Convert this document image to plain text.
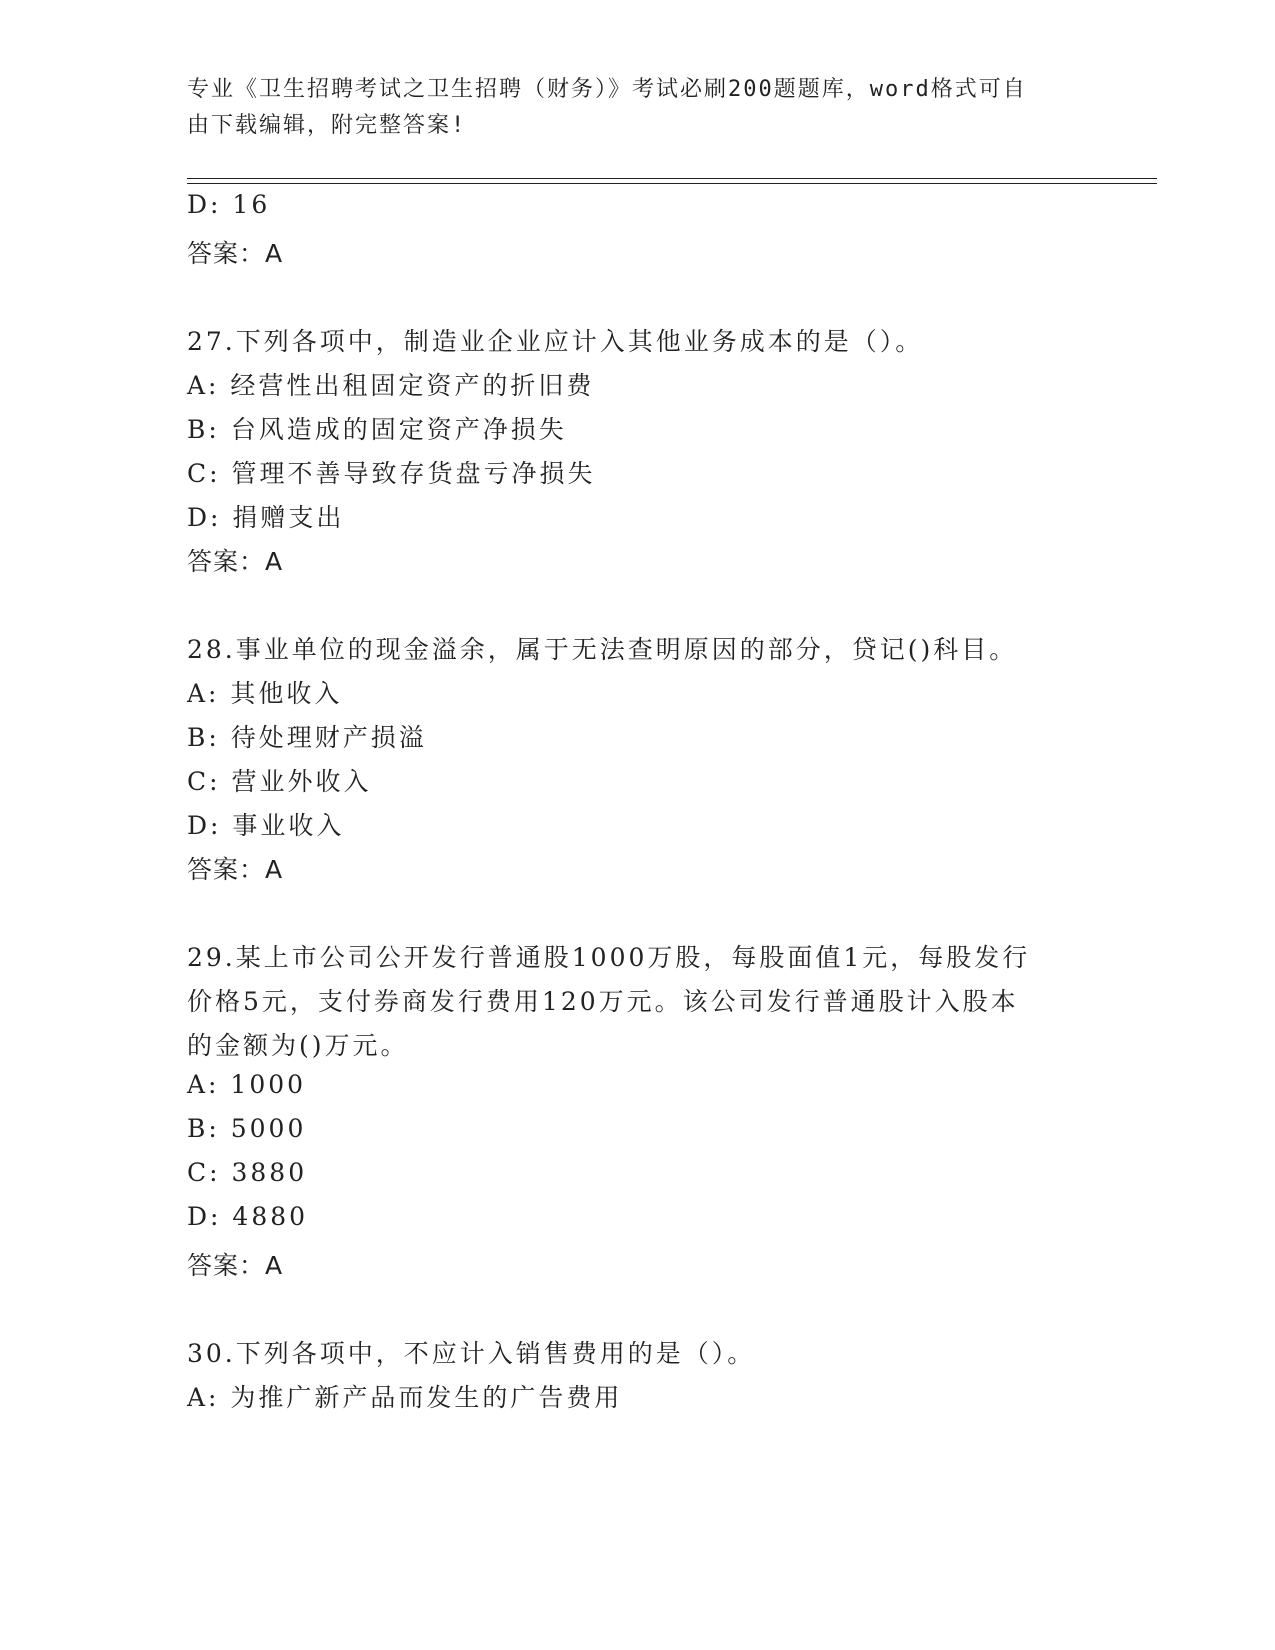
专业《卫生招聘考试之卫生招聘（财务）》考试必刷200题题库，word格式可自
由下载编辑，附完整答案!
D: 16
答案：A
27.下列各项中，制造业企业应计入其他业务成本的是（）。
A: 经营性出租固定资产的折旧费
B: 台风造成的固定资产净损失
C: 管理不善导致存货盘亏净损失
D: 捐赠支出
答案：A
28.事业单位的现金溢余，属于无法查明原因的部分，贷记()科目。
A: 其他收入
B: 待处理财产损溢
C: 营业外收入
D: 事业收入
答案：A
29.某上市公司公开发行普通股1000万股，每股面值1元，每股发行
价格5元，支付券商发行费用120万元。该公司发行普通股计入股本
的金额为()万元。
A: 1000
B: 5000
C: 3880
D: 4880
答案：A
30.下列各项中，不应计入销售费用的是（）。
A: 为推广新产品而发生的广告费用
